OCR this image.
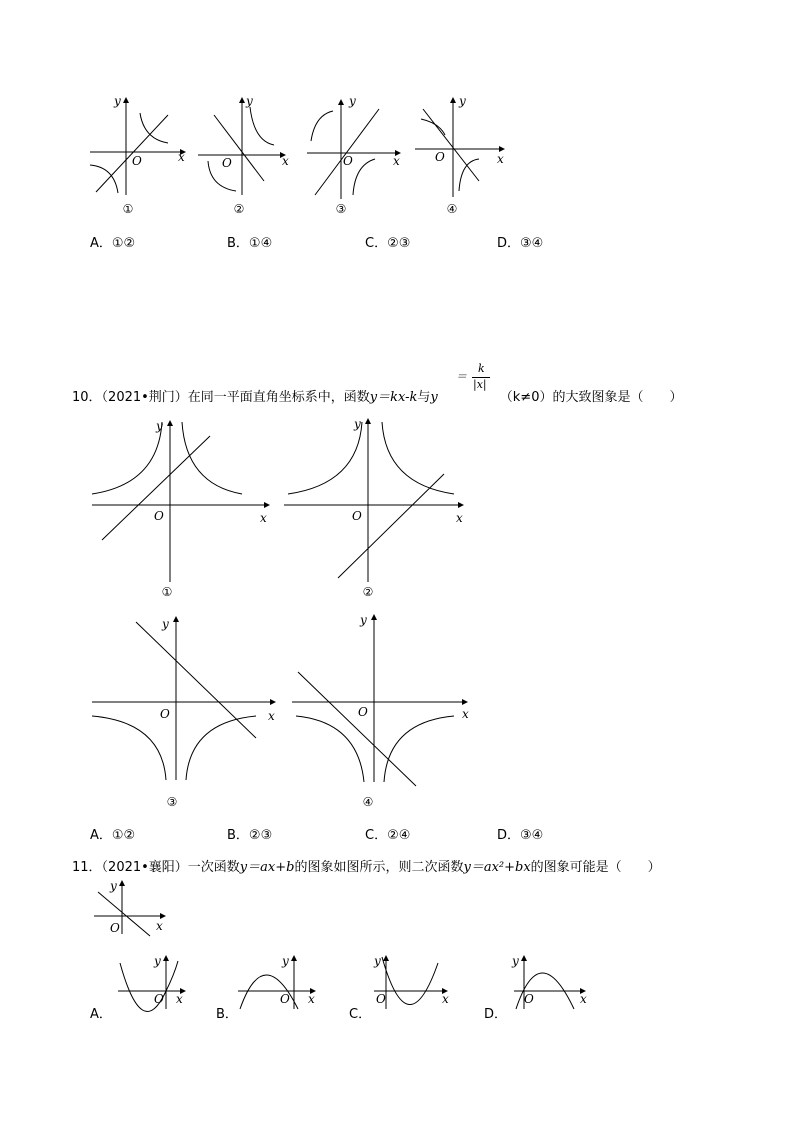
y
x
O
①
y
x
O
②
y
x
O
③
y
x
O
④
A．①②	B．①④	C．②③	D．③④
10．（2021•荆门）在同一平面直角坐标系中，函数y＝kx-k与y	（k≠0）的大致图象是（　　）
＝
k
|x|
y
x
O
①
y
x
O
②
y
x
O
③
y
x
O
④
A．①②	B．②③	C．②④	D．③④
11．（2021•襄阳）一次函数y＝ax+b的图象如图所示，则二次函数y＝ax²+bx的图象可能是（　　）
y
x
O
y
x
O
A．
y
x
O
B．
y
x
O
C．
y
x
O
D．
